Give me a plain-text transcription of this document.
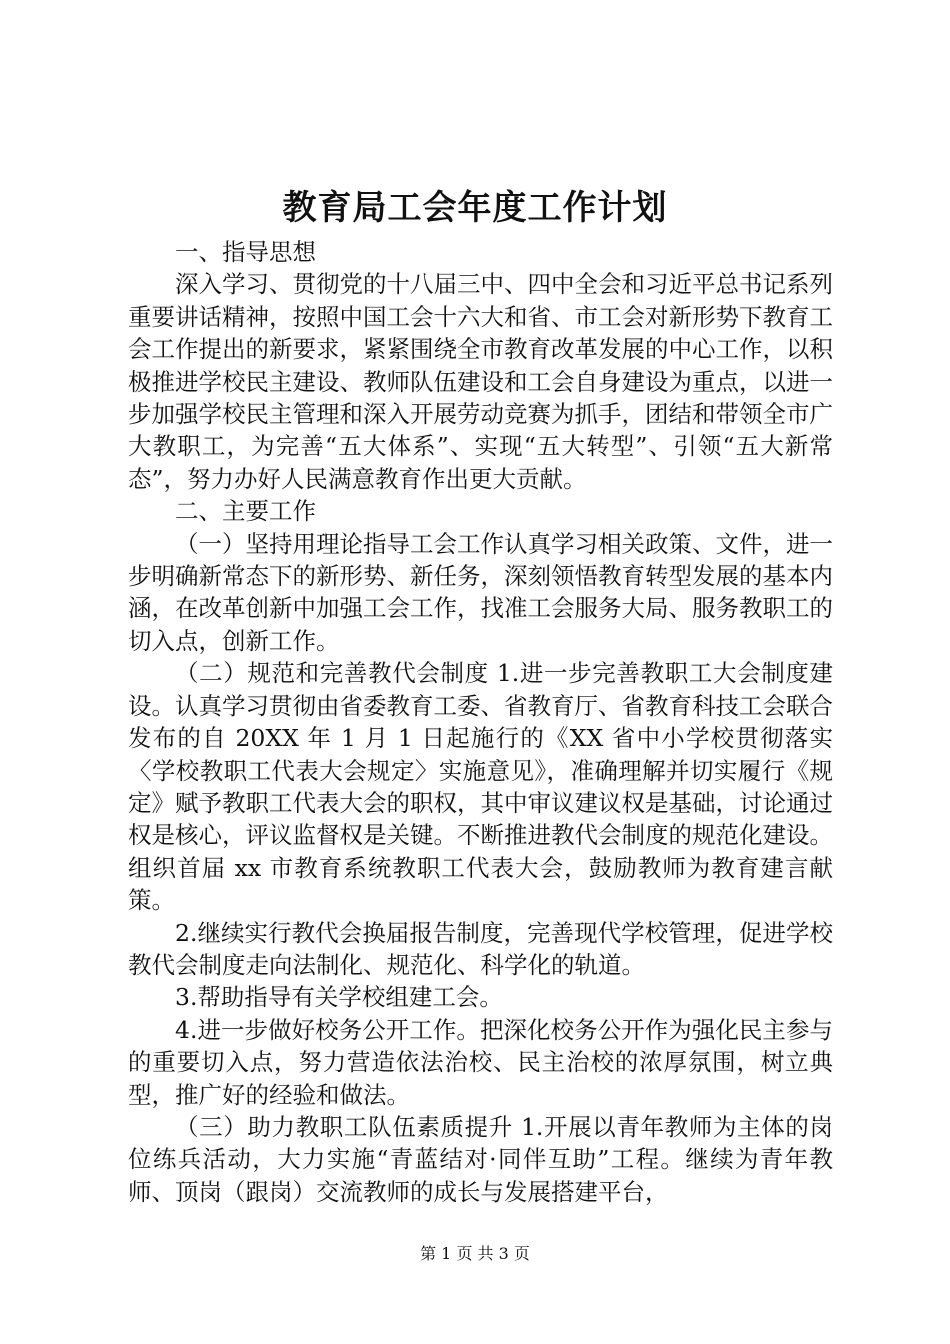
教育局工会年度工作计划

一、指导思想

深入学习、贯彻党的十八届三中、四中全会和习近平总书记系列重要讲话精神，按照中国工会十六大和省、市工会对新形势下教育工会工作提出的新要求，紧紧围绕全市教育改革发展的中心工作，以积极推进学校民主建设、教师队伍建设和工会自身建设为重点，以进一步加强学校民主管理和深入开展劳动竞赛为抓手，团结和带领全市广大教职工，为完善“五大体系”、实现“五大转型”、引领“五大新常态”，努力办好人民满意教育作出更大贡献。

二、主要工作

（一）坚持用理论指导工会工作认真学习相关政策、文件，进一步明确新常态下的新形势、新任务，深刻领悟教育转型发展的基本内涵，在改革创新中加强工会工作，找准工会服务大局、服务教职工的切入点，创新工作。

（二）规范和完善教代会制度 1.进一步完善教职工大会制度建设。认真学习贯彻由省委教育工委、省教育厅、省教育科技工会联合发布的自 20XX 年 1 月 1 日起施行的《XX 省中小学校贯彻落实〈学校教职工代表大会规定〉实施意见》，准确理解并切实履行《规定》赋予教职工代表大会的职权，其中审议建议权是基础，讨论通过权是核心，评议监督权是关键。不断推进教代会制度的规范化建设。组织首届 xx 市教育系统教职工代表大会，鼓励教师为教育建言献策。

2.继续实行教代会换届报告制度，完善现代学校管理，促进学校教代会制度走向法制化、规范化、科学化的轨道。

3.帮助指导有关学校组建工会。

4.进一步做好校务公开工作。把深化校务公开作为强化民主参与的重要切入点，努力营造依法治校、民主治校的浓厚氛围，树立典型，推广好的经验和做法。

（三）助力教职工队伍素质提升 1.开展以青年教师为主体的岗位练兵活动，大力实施“青蓝结对·同伴互助”工程。继续为青年教师、顶岗（跟岗）交流教师的成长与发展搭建平台，

第 1 页 共 3 页
